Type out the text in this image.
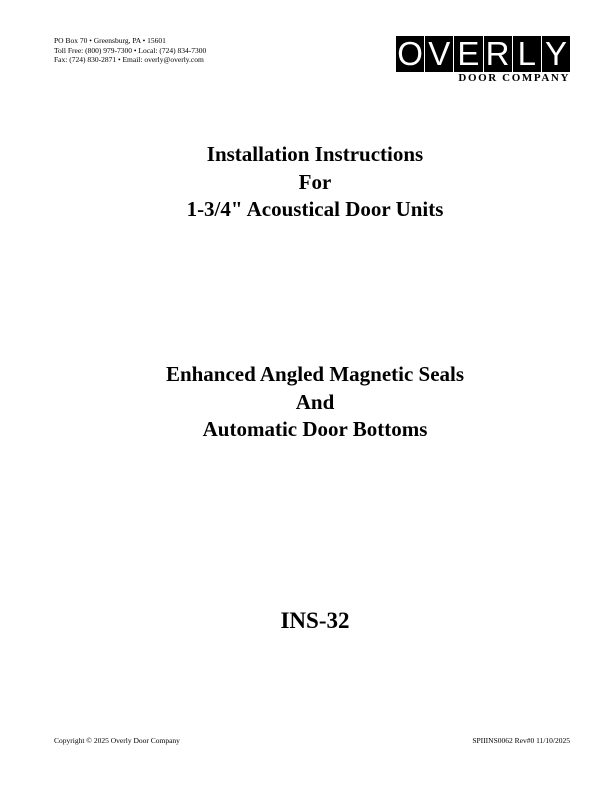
PO Box 70 • Greensburg, PA • 15601
Toll Free: (800) 979-7300 • Local: (724) 834-7300
Fax: (724) 830-2871 • Email: overly@overly.com	O V E R L Y
DOOR COMPANY
Installation Instructions
For
1-3/4" Acoustical Door Units
Enhanced Angled Magnetic Seals
And
Automatic Door Bottoms
INS-32
Copyright © 2025 Overly Door Company	SPIIINS0062 Rev#0 11/10/2025
